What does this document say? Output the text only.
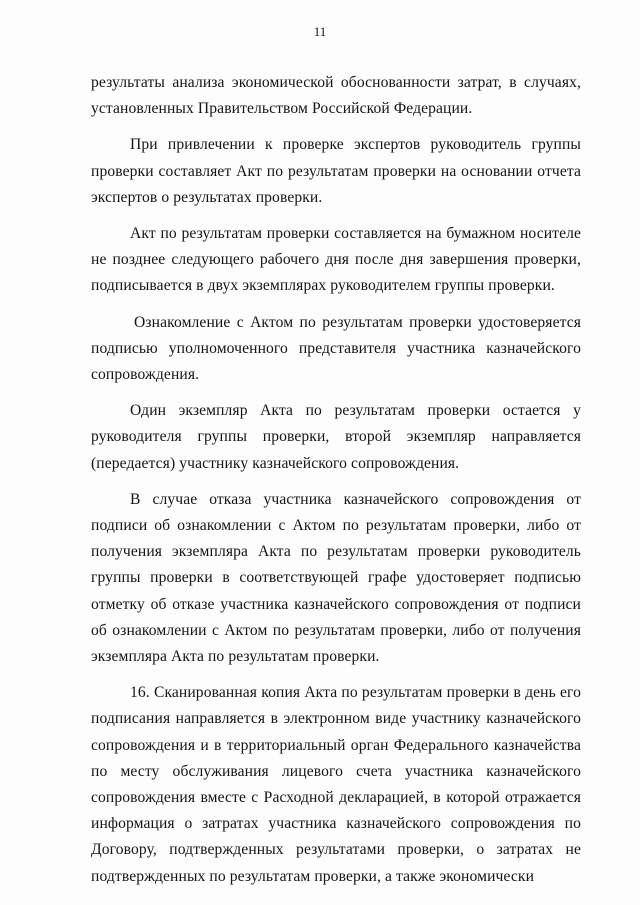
11

результаты анализа экономической обоснованности затрат, в случаях, установленных Правительством Российской Федерации.

При привлечении к проверке экспертов руководитель группы проверки составляет Акт по результатам проверки на основании отчета экспертов о результатах проверки.

Акт по результатам проверки составляется на бумажном носителе не позднее следующего рабочего дня после дня завершения проверки, подписывается в двух экземплярах руководителем группы проверки.

Ознакомление с Актом по результатам проверки удостоверяется подписью уполномоченного представителя участника казначейского сопровождения.

Один экземпляр Акта по результатам проверки остается у руководителя группы проверки, второй экземпляр направляется (передается) участнику казначейского сопровождения.

В случае отказа участника казначейского сопровождения от подписи об ознакомлении с Актом по результатам проверки, либо от получения экземпляра Акта по результатам проверки руководитель группы проверки в соответствующей графе удостоверяет подписью отметку об отказе участника казначейского сопровождения от подписи об ознакомлении с Актом по результатам проверки, либо от получения экземпляра Акта по результатам проверки.

16. Сканированная копия Акта по результатам проверки в день его подписания направляется в электронном виде участнику казначейского сопровождения и в территориальный орган Федерального казначейства по месту обслуживания лицевого счета участника казначейского сопровождения вместе с Расходной декларацией, в которой отражается информация о затратах участника казначейского сопровождения по Договору, подтвержденных результатами проверки, о затратах не подтвержденных по результатам проверки, а также экономически
